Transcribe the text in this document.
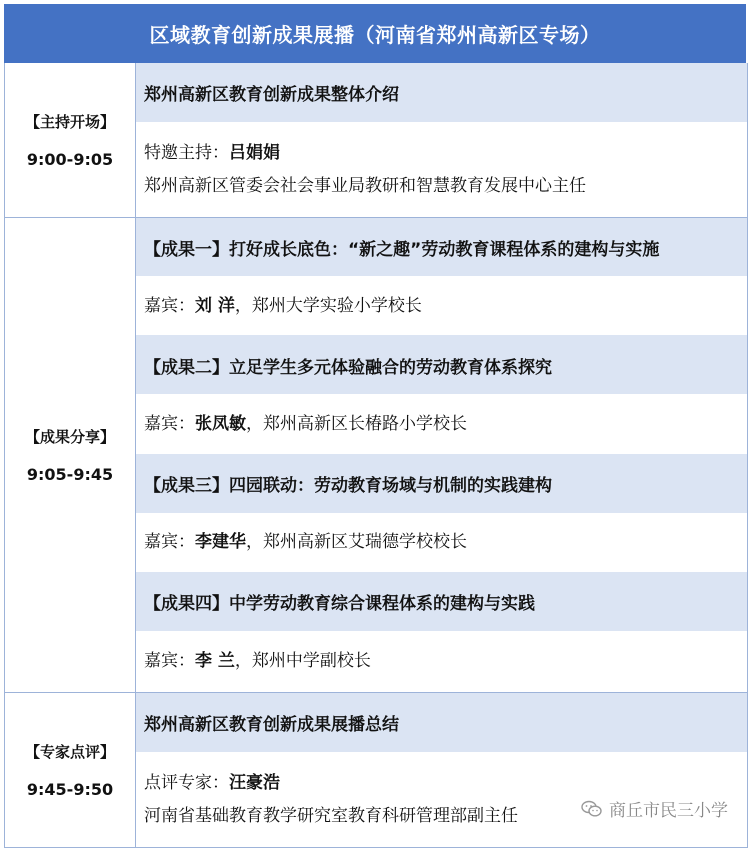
区域教育创新成果展播（河南省郑州高新区专场）
【主持开场】
9:00-9:05
郑州高新区教育创新成果整体介绍
特邀主持：吕娟娟
郑州高新区管委会社会事业局教研和智慧教育发展中心主任
【成果分享】
9:05-9:45
【成果一】打好成长底色：“新之趣”劳动教育课程体系的建构与实施
嘉宾：刘 洋，郑州大学实验小学校长
【成果二】立足学生多元体验融合的劳动教育体系探究
嘉宾：张凤敏，郑州高新区长椿路小学校长
【成果三】四园联动：劳动教育场域与机制的实践建构
嘉宾：李建华，郑州高新区艾瑞德学校校长
【成果四】中学劳动教育综合课程体系的建构与实践
嘉宾：李 兰，郑州中学副校长
【专家点评】
9:45-9:50
郑州高新区教育创新成果展播总结
点评专家：汪豪浩
河南省基础教育教学研究室教育科研管理部副主任	商丘市民三小学
